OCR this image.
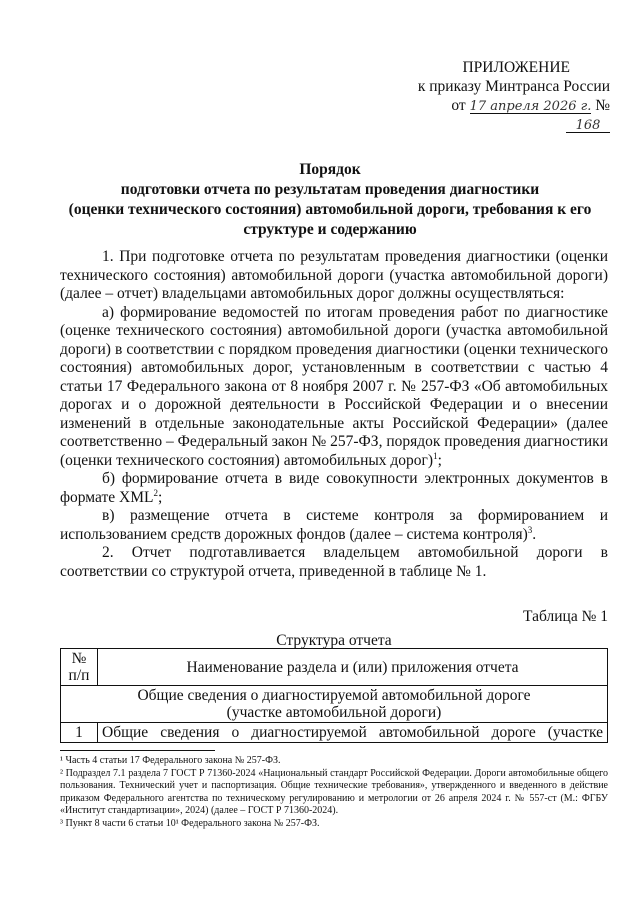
ПРИЛОЖЕНИЕ
к приказу Минтранса России
от 17 апреля 2026 г. № 168
Порядок
подготовки отчета по результатам проведения диагностики
(оценки технического состояния) автомобильной дороги, требования к его
структуре и содержанию

1. При подготовке отчета по результатам проведения диагностики (оценки технического состояния) автомобильной дороги (участка автомобильной дороги) (далее – отчет) владельцами автомобильных дорог должны осуществляться:

а) формирование ведомостей по итогам проведения работ по диагностике (оценке технического состояния) автомобильной дороги (участка автомобильной дороги) в соответствии с порядком проведения диагностики (оценки технического состояния) автомобильных дорог, установленным в соответствии с частью 4 статьи 17 Федерального закона от 8 ноября 2007 г. № 257-ФЗ «Об автомобильных дорогах и о дорожной деятельности в Российской Федерации и о внесении изменений в отдельные законодательные акты Российской Федерации» (далее соответственно – Федеральный закон № 257-ФЗ, порядок проведения диагностики (оценки технического состояния) автомобильных дорог)$^1$;

б) формирование отчета в виде совокупности электронных документов в формате XML$^2$;

в) размещение отчета в системе контроля за формированием и использованием средств дорожных фондов (далее – система контроля)$^3$.

2. Отчет подготавливается владельцем автомобильной дороги в соответствии со структурой отчета, приведенной в таблице № 1.

Таблица № 1
Структура отчета
№
п/п	Наименование раздела и (или) приложения отчета

Общие сведения о диагностируемой автомобильной дороге
(участке автомобильной дороги)	

1	Общие сведения о диагностируемой автомобильной дороге (участке

¹ Часть 4 статьи 17 Федерального закона № 257-ФЗ.

² Подраздел 7.1 раздела 7 ГОСТ Р 71360-2024 «Национальный стандарт Российской Федерации. Дороги автомобильные общего пользования. Технический учет и паспортизация. Общие технические требования», утвержденного и введенного в действие приказом Федерального агентства по техническому регулированию и метрологии от 26 апреля 2024 г. № 557-ст (М.: ФГБУ «Институт стандартизации», 2024) (далее – ГОСТ Р 71360-2024).

³ Пункт 8 части 6 статьи 10¹ Федерального закона № 257-ФЗ.
